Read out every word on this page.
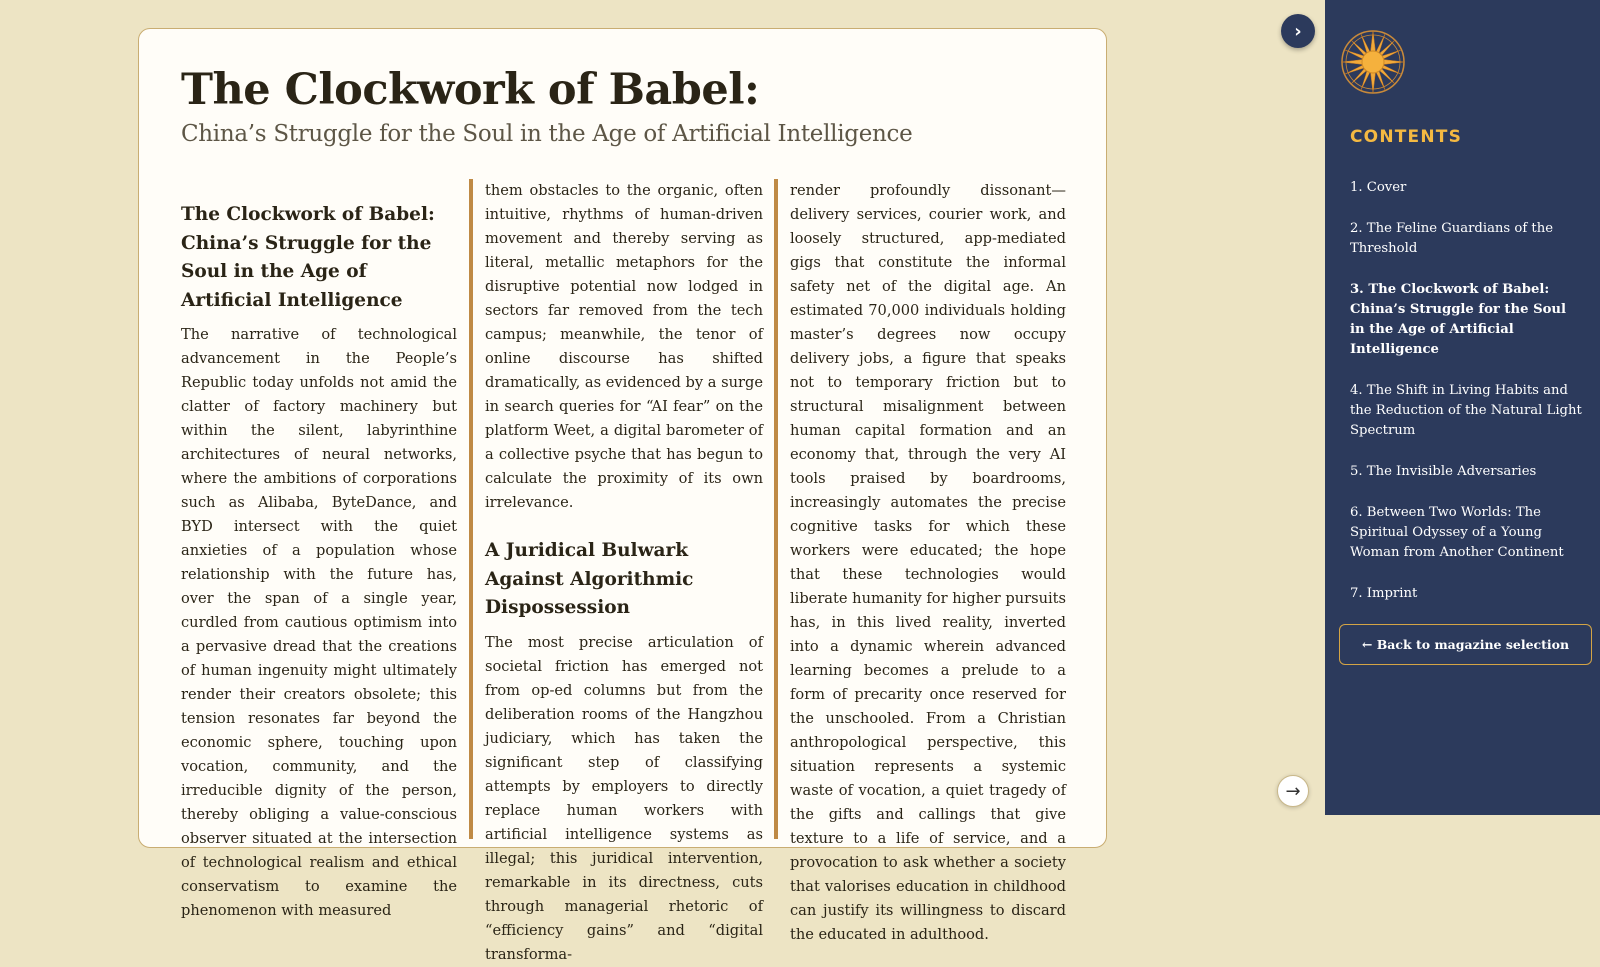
The Clockwork of Babel:
China’s Struggle for the Soul in the Age of Artificial Intelligence
The Clockwork of Babel: China’s Struggle for the Soul in the Age of Artificial Intelligence

The narrative of technological advancement in the People’s Republic today unfolds not amid the clatter of factory machinery but within the silent, labyrinthine architectures of neural networks, where the ambitions of corporations such as Alibaba, ByteDance, and BYD intersect with the quiet anxieties of a population whose relationship with the future has, over the span of a single year, curdled from cautious optimism into a pervasive dread that the creations of human ingenuity might ultimately render their creators obsolete; this tension resonates far beyond the economic sphere, touching upon vocation, community, and the irreducible dignity of the person, thereby obliging a value-conscious observer situated at the intersection of technological realism and ethical conservatism to examine the phenomenon with measured

them obstacles to the organic, often intuitive, rhythms of human-driven movement and thereby serving as literal, metallic metaphors for the disruptive potential now lodged in sectors far removed from the tech campus; meanwhile, the tenor of online discourse has shifted dramatically, as evidenced by a surge in search queries for “AI fear” on the platform Weet, a digital barometer of a collective psyche that has begun to calculate the proximity of its own irrelevance.

A Juridical Bulwark Against Algorithmic Dispossession

The most precise articulation of societal friction has emerged not from op-ed columns but from the deliberation rooms of the Hangzhou judiciary, which has taken the significant step of classifying attempts by employers to directly replace human workers with artificial intelligence systems as illegal; this juridical intervention, remarkable in its directness, cuts through managerial rhetoric of “efficiency gains” and “digital transforma-

render profoundly dissonant—delivery services, courier work, and loosely structured, app-mediated gigs that constitute the informal safety net of the digital age. An estimated 70,000 individuals holding master’s degrees now occupy delivery jobs, a figure that speaks not to temporary friction but to structural misalignment between human capital formation and an economy that, through the very AI tools praised by boardrooms, increasingly automates the precise cognitive tasks for which these workers were educated; the hope that these technologies would liberate humanity for higher pursuits has, in this lived reality, inverted into a dynamic wherein advanced learning becomes a prelude to a form of precarity once reserved for the unschooled. From a Christian anthropological perspective, this situation represents a systemic waste of vocation, a quiet tragedy of the gifts and callings that give texture to a life of service, and a provocation to ask whether a society that valorises education in childhood can justify its willingness to discard the educated in adulthood.

›
→
CONTENTS
1. Cover
2. The Feline Guardians of the Threshold
3. The Clockwork of Babel: China’s Struggle for the Soul in the Age of Artificial Intelligence
4. The Shift in Living Habits and the Reduction of the Natural Light Spectrum
5. The Invisible Adversaries
6. Between Two Worlds: The Spiritual Odyssey of a Young Woman from Another Continent
7. Imprint
← Back to magazine selection
